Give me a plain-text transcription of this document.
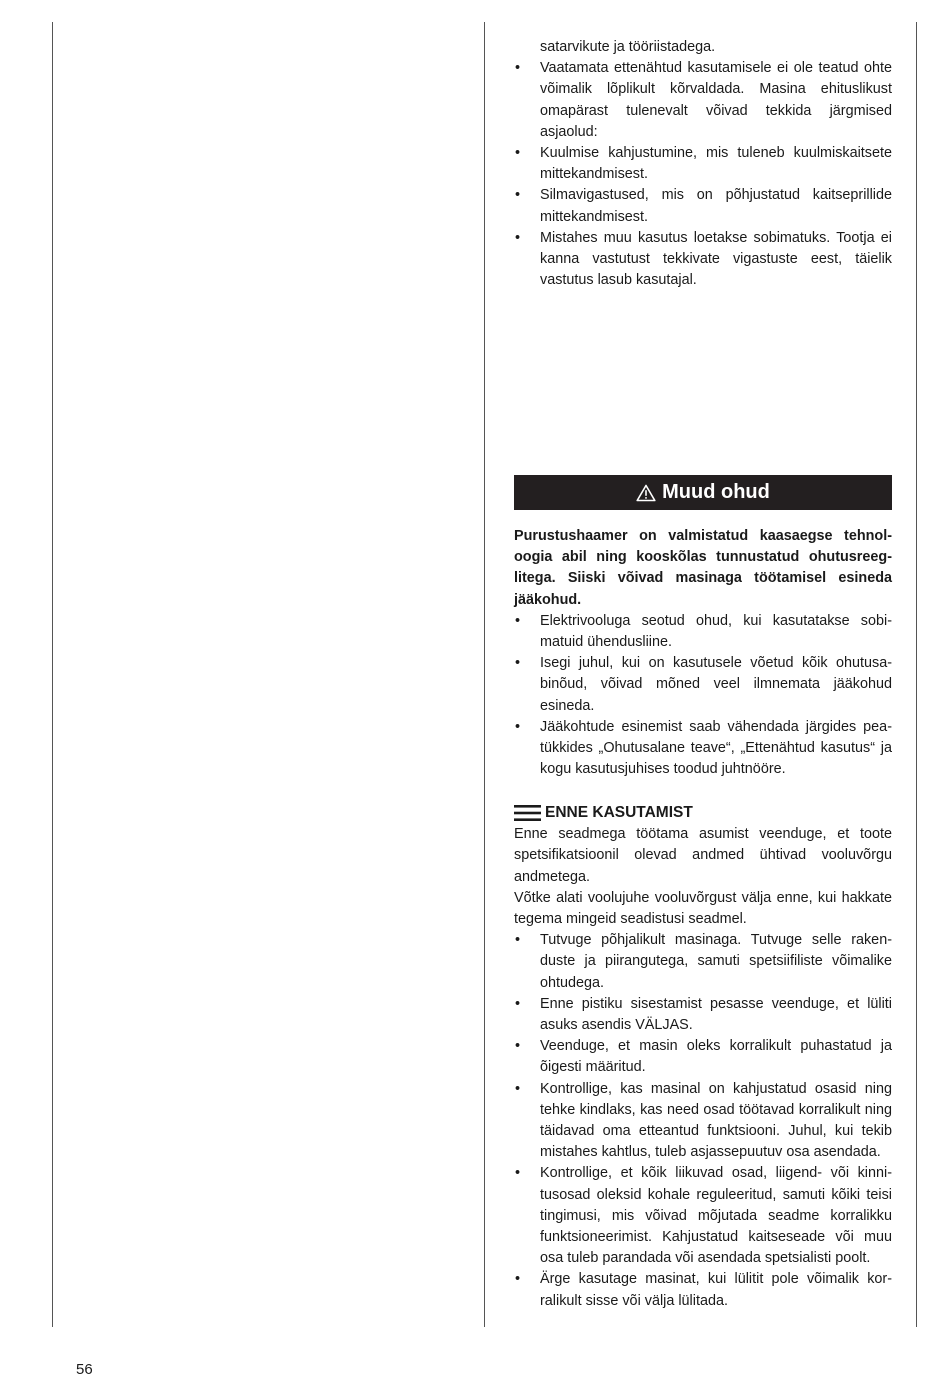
satarvikute ja tööriistadega.

• Vaatamata ettenähtud kasutamisele ei ole teatud ohte võimalik lõplikult kõrvaldada. Masina ehituslikust omapärast tulenevalt võivad tekkida järgmised asjaolud:
• Kuulmise kahjustumine, mis tuleneb kuulmiskaitsete mittekandmisest.
• Silmavigastused, mis on põhjustatud kaitseprillide mittekandmisest.
• Mistahes muu kasutus loetakse sobimatuks. Tootja ei kanna vastutust tekkivate vigastuste eest, täielik vastutus lasub kasutajal.
Muud ohud

Purustushaamer on valmistatud kaasaegse tehnoloogia abil ning kooskõlas tunnustatud ohutusreeglitega. Siiski võivad masinaga töötamisel esineda jääkohud.

• Elektrivooluga seotud ohud, kui kasutatakse sobimatuid ühendusliine.
• Isegi juhul, kui on kasutusele võetud kõik ohutusabinõud, võivad mõned veel ilmnemata jääkohud esineda.
• Jääkohtude esinemist saab vähendada järgides peatükkides „Ohutusalane teave“, „Ettenähtud kasutus“ ja kogu kasutusjuhises toodud juhtnööre.
ENNE KASUTAMIST

Enne seadmega töötama asumist veenduge, et toote spetsifikatsioonil olevad andmed ühtivad vooluvõrgu andmetega.

Võtke alati voolujuhe vooluvõrgust välja enne, kui hakkate tegema mingeid seadistusi seadmel.

• Tutvuge põhjalikult masinaga. Tutvuge selle rakenduste ja piirangutega, samuti spetsiifiliste võimalike ohtudega.
• Enne pistiku sisestamist pesasse veenduge, et lüliti asuks asendis VÄLJAS.
• Veenduge, et masin oleks korralikult puhastatud ja õigesti määritud.
• Kontrollige, kas masinal on kahjustatud osasid ning tehke kindlaks, kas need osad töötavad korralikult ning täidavad oma etteantud funktsiooni. Juhul, kui tekib mistahes kahtlus, tuleb asjassepuutuv osa asendada.
• Kontrollige, et kõik liikuvad osad, liigend- või kinnitusosad oleksid kohale reguleeritud, samuti kõiki teisi tingimusi, mis võivad mõjutada seadme korralikku funktsioneerimist. Kahjustatud kaitseseade või muu osa tuleb parandada või asendada spetsialisti poolt.
• Ärge kasutage masinat, kui lülitit pole võimalik korralikult sisse või välja lülitada.
56
